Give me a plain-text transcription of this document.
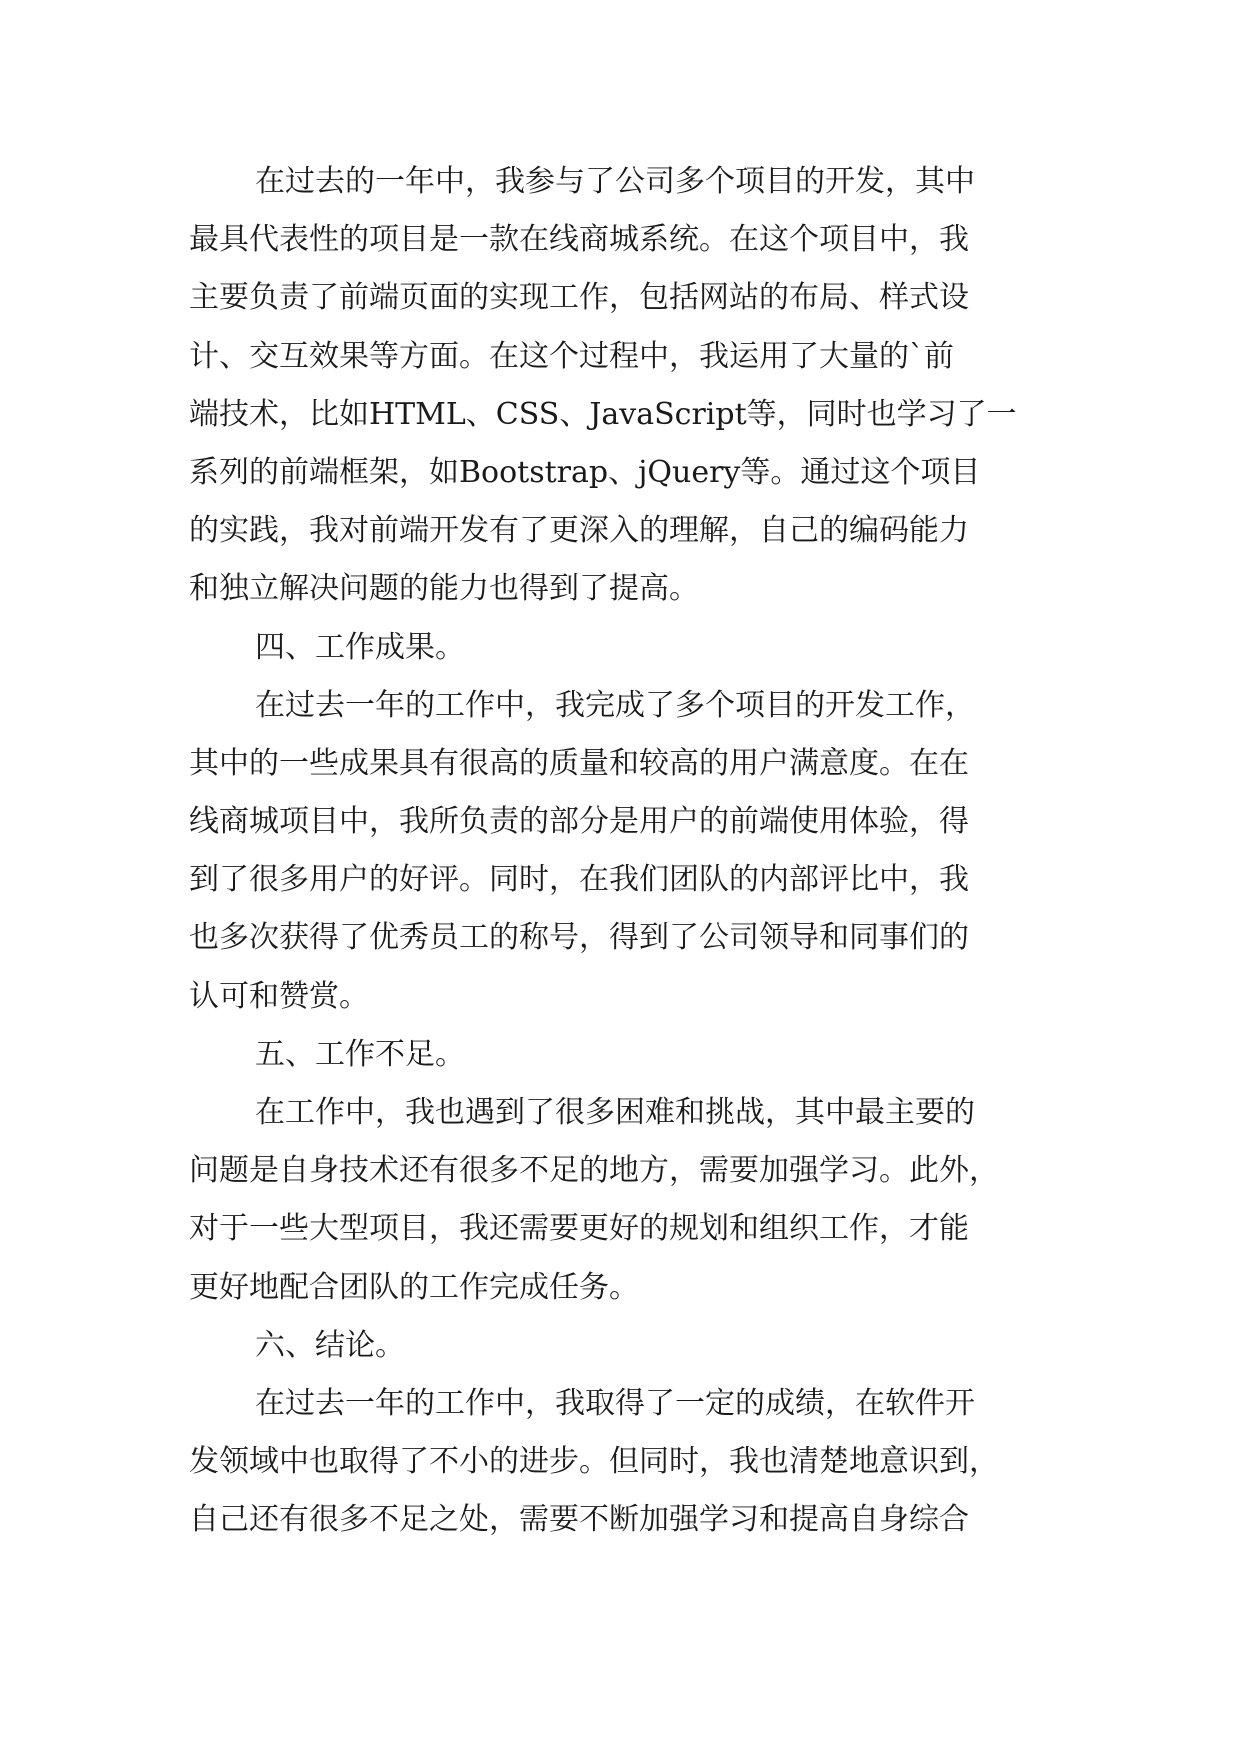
在过去的一年中，我参与了公司多个项目的开发，其中
最具代表性的项目是一款在线商城系统。在这个项目中，我
主要负责了前端页面的实现工作，包括网站的布局、样式设
计、交互效果等方面。在这个过程中，我运用了大量的`前
端技术，比如HTML、CSS、JavaScript等，同时也学习了一
系列的前端框架，如Bootstrap、jQuery等。通过这个项目
的实践，我对前端开发有了更深入的理解，自己的编码能力
和独立解决问题的能力也得到了提高。
四、工作成果。
在过去一年的工作中，我完成了多个项目的开发工作，
其中的一些成果具有很高的质量和较高的用户满意度。在在
线商城项目中，我所负责的部分是用户的前端使用体验，得
到了很多用户的好评。同时，在我们团队的内部评比中，我
也多次获得了优秀员工的称号，得到了公司领导和同事们的
认可和赞赏。
五、工作不足。
在工作中，我也遇到了很多困难和挑战，其中最主要的
问题是自身技术还有很多不足的地方，需要加强学习。此外，
对于一些大型项目，我还需要更好的规划和组织工作，才能
更好地配合团队的工作完成任务。
六、结论。
在过去一年的工作中，我取得了一定的成绩，在软件开
发领域中也取得了不小的进步。但同时，我也清楚地意识到，
自己还有很多不足之处，需要不断加强学习和提高自身综合
